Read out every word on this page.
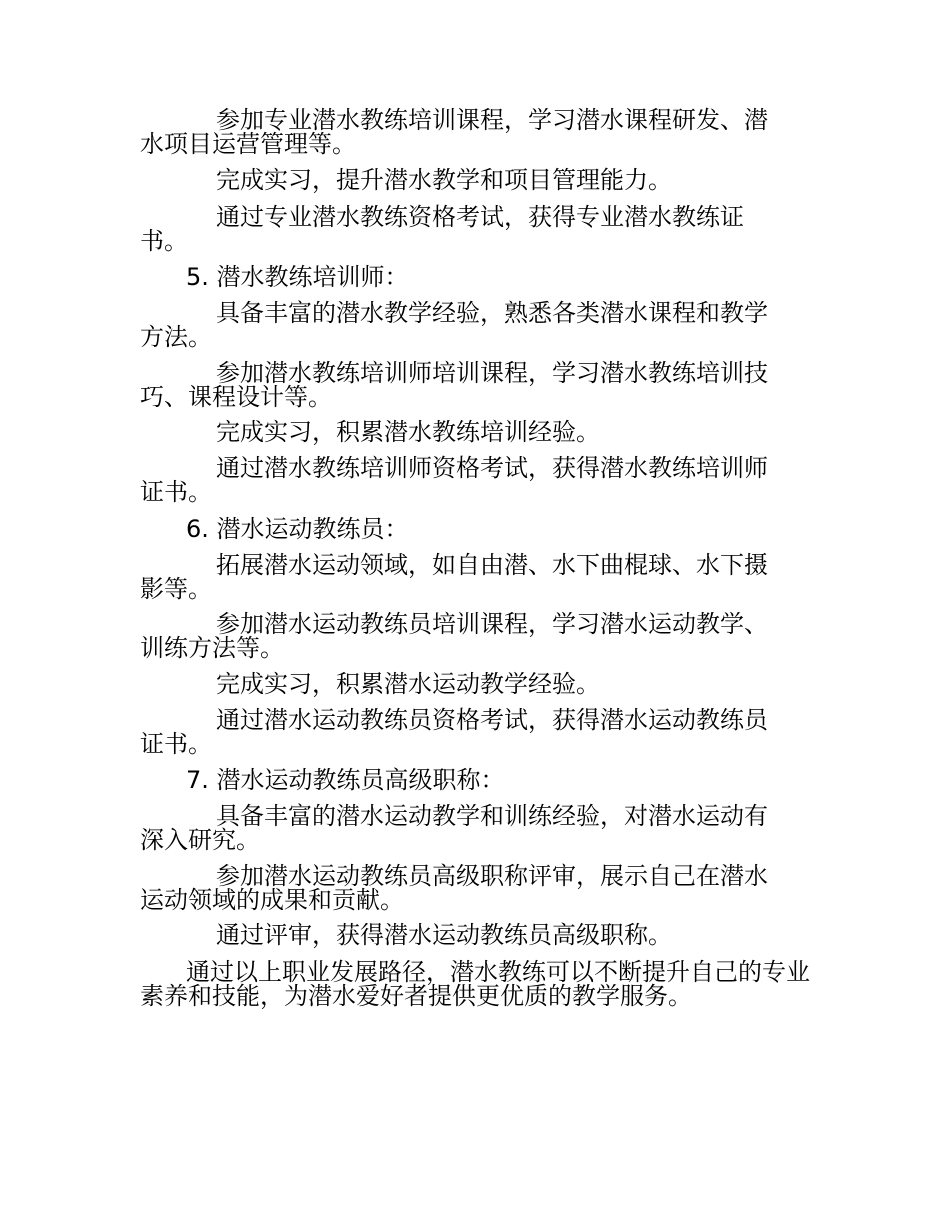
参加专业潜水教练培训课程，学习潜水课程研发、潜水项目运营管理等。

完成实习，提升潜水教学和项目管理能力。

通过专业潜水教练资格考试，获得专业潜水教练证书。

5. 潜水教练培训师：

具备丰富的潜水教学经验，熟悉各类潜水课程和教学方法。

参加潜水教练培训师培训课程，学习潜水教练培训技巧、课程设计等。

完成实习，积累潜水教练培训经验。

通过潜水教练培训师资格考试，获得潜水教练培训师证书。

6. 潜水运动教练员：

拓展潜水运动领域，如自由潜、水下曲棍球、水下摄影等。

参加潜水运动教练员培训课程，学习潜水运动教学、训练方法等。

完成实习，积累潜水运动教学经验。

通过潜水运动教练员资格考试，获得潜水运动教练员证书。

7. 潜水运动教练员高级职称：

具备丰富的潜水运动教学和训练经验，对潜水运动有深入研究。

参加潜水运动教练员高级职称评审，展示自己在潜水运动领域的成果和贡献。

通过评审，获得潜水运动教练员高级职称。

通过以上职业发展路径，潜水教练可以不断提升自己的专业素养和技能，为潜水爱好者提供更优质的教学服务。
